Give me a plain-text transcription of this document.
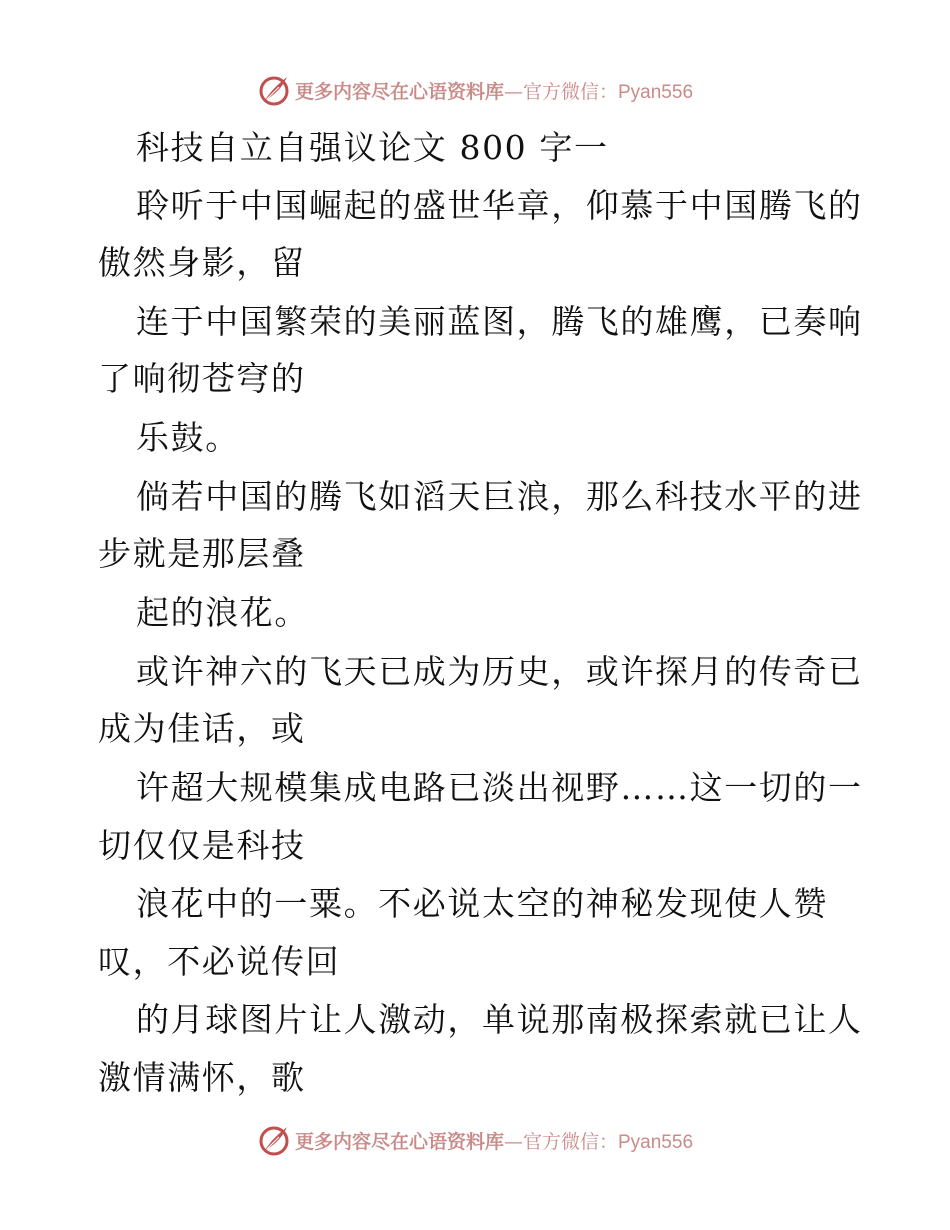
更多内容尽在心语资料库—官方微信：Pyan556
科技自立自强议论文 800 字一
聆听于中国崛起的盛世华章，仰慕于中国腾飞的
傲然身影，留
连于中国繁荣的美丽蓝图，腾飞的雄鹰，已奏响
了响彻苍穹的
乐鼓。
倘若中国的腾飞如滔天巨浪，那么科技水平的进
步就是那层叠
起的浪花。
或许神六的飞天已成为历史，或许探月的传奇已
成为佳话，或
许超大规模集成电路已淡出视野……这一切的一
切仅仅是科技
浪花中的一粟。不必说太空的神秘发现使人赞
叹，不必说传回
的月球图片让人激动，单说那南极探索就已让人
激情满怀，歌
更多内容尽在心语资料库—官方微信：Pyan556
